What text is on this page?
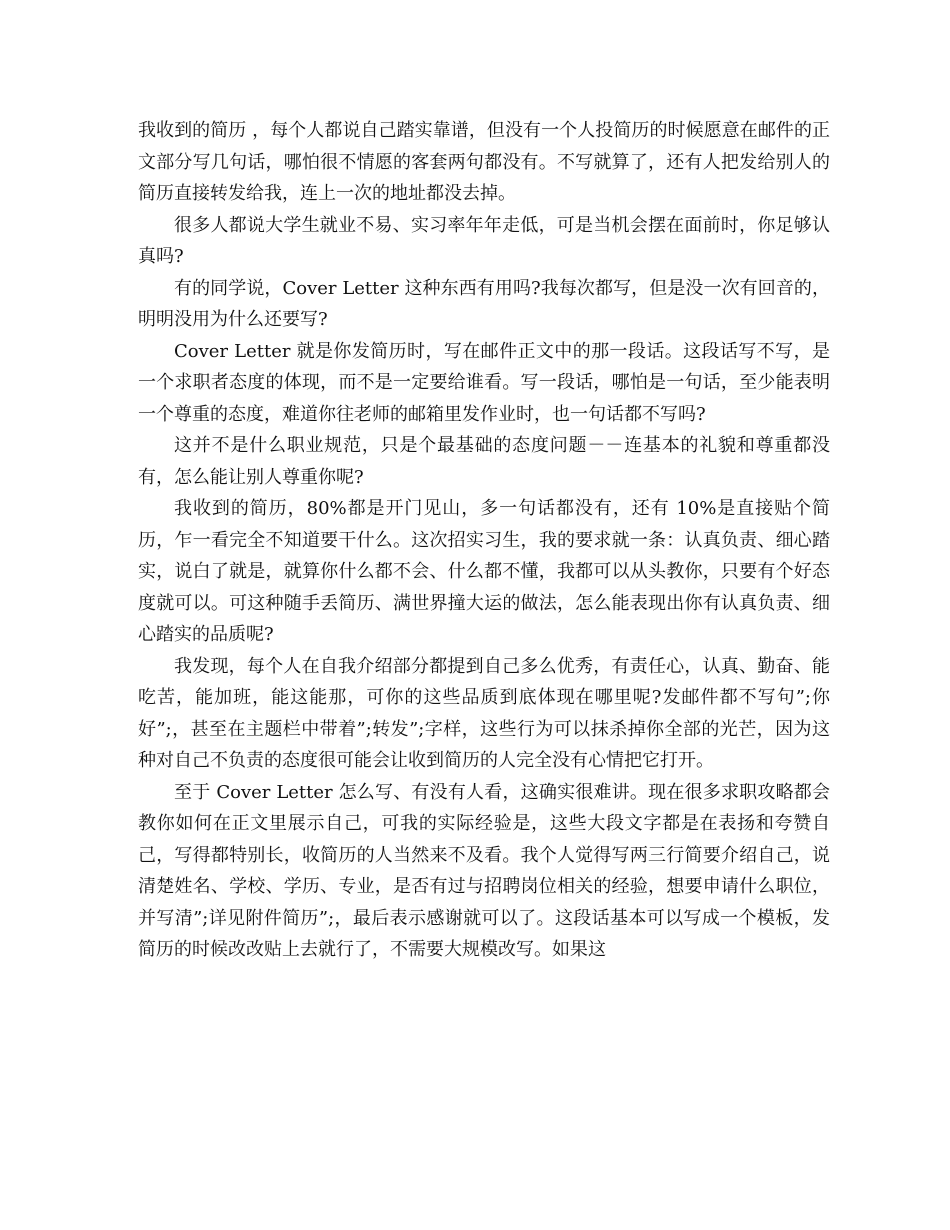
我收到的简历 ，每个人都说自己踏实靠谱，但没有一个人投简历的时候愿意在邮件的正文部分写几句话，哪怕很不情愿的客套两句都没有。不写就算了，还有人把发给别人的简历直接转发给我，连上一次的地址都没去掉。

很多人都说大学生就业不易、实习率年年走低，可是当机会摆在面前时，你足够认真吗?

有的同学说，Cover Letter 这种东西有用吗?我每次都写，但是没一次有回音的，明明没用为什么还要写?

Cover Letter 就是你发简历时，写在邮件正文中的那一段话。这段话写不写，是一个求职者态度的体现，而不是一定要给谁看。写一段话，哪怕是一句话，至少能表明一个尊重的态度，难道你往老师的邮箱里发作业时，也一句话都不写吗?

这并不是什么职业规范，只是个最基础的态度问题－－连基本的礼貌和尊重都没有，怎么能让别人尊重你呢?

我收到的简历，80%都是开门见山，多一句话都没有，还有 10%是直接贴个简历，乍一看完全不知道要干什么。这次招实习生，我的要求就一条：认真负责、细心踏实，说白了就是，就算你什么都不会、什么都不懂，我都可以从头教你，只要有个好态度就可以。可这种随手丢简历、满世界撞大运的做法，怎么能表现出你有认真负责、细心踏实的品质呢?

我发现，每个人在自我介绍部分都提到自己多么优秀，有责任心，认真、勤奋、能吃苦，能加班，能这能那，可你的这些品质到底体现在哪里呢?发邮件都不写句”;你好”;，甚至在主题栏中带着”;转发”;字样，这些行为可以抹杀掉你全部的光芒，因为这种对自己不负责的态度很可能会让收到简历的人完全没有心情把它打开。

至于 Cover Letter 怎么写、有没有人看，这确实很难讲。现在很多求职攻略都会教你如何在正文里展示自己，可我的实际经验是，这些大段文字都是在表扬和夸赞自己，写得都特别长，收简历的人当然来不及看。我个人觉得写两三行简要介绍自己，说清楚姓名、学校、学历、专业，是否有过与招聘岗位相关的经验，想要申请什么职位，并写清”;详见附件简历”;，最后表示感谢就可以了。这段话基本可以写成一个模板，发简历的时候改改贴上去就行了，不需要大规模改写。如果这
